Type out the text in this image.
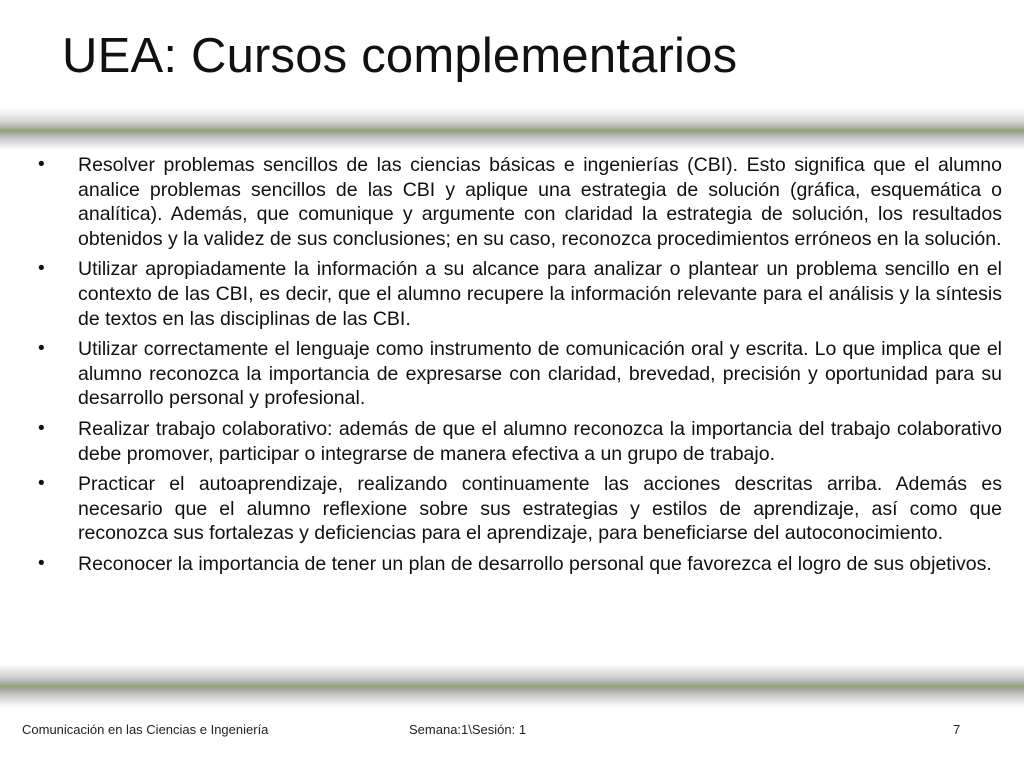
UEA: Cursos complementarios
• Resolver problemas sencillos de las ciencias básicas e ingenierías (CBI). Esto significa que el alumno analice problemas sencillos de las CBI y aplique una estrategia de solución (gráfica, esquemática o analítica). Además, que comunique y argumente con claridad la estrategia de solución, los resultados obtenidos y la validez de sus conclusiones; en su caso, reconozca procedimientos erróneos en la solución.
• Utilizar apropiadamente la información a su alcance para analizar o plantear un problema sencillo en el contexto de las CBI, es decir, que el alumno recupere la información relevante para el análisis y la síntesis de textos en las disciplinas de las CBI.
• Utilizar correctamente el lenguaje como instrumento de comunicación oral y escrita. Lo que implica que el alumno reconozca la importancia de expresarse con claridad, brevedad, precisión y oportunidad para su desarrollo personal y profesional.
• Realizar trabajo colaborativo: además de que el alumno reconozca la importancia del trabajo colaborativo debe promover, participar o integrarse de manera efectiva a un grupo de trabajo.
• Practicar el autoaprendizaje, realizando continuamente las acciones descritas arriba. Además es necesario que el alumno reflexione sobre sus estrategias y estilos de aprendizaje, así como que reconozca sus fortalezas y deficiencias para el aprendizaje, para beneficiarse del autoconocimiento.
• Reconocer la importancia de tener un plan de desarrollo personal que favorezca el logro de sus objetivos.
Comunicación en las Ciencias e Ingeniería	Semana:1\Sesión: 1	7
